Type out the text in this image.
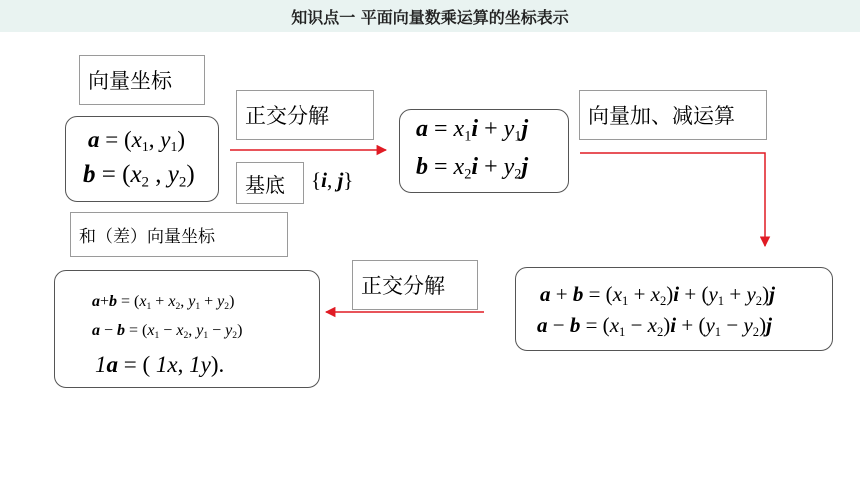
知识点一 平面向量数乘运算的坐标表示
向量坐标
$a = (x_1$, $y_1$)
$b = (x_2$ , $y_2$)
正交分解
基底 {i, j}
$a = x_1i + y_1j$
$b = x_2i + y_2j$
向量加、减运算
和（差）向量坐标
$a+b = (x_1 + x_2$, $y_1 + y_2$)
$a - b = (x_1 - x_2$, $y_1 - y_2$)
1a = ( 1x, 1y).
正交分解	$a + b = (x_1 + x_2)i + (y_1 + y_2)j$
$a - b = (x_1 - x_2)i + (y_1 - y_2)j$
